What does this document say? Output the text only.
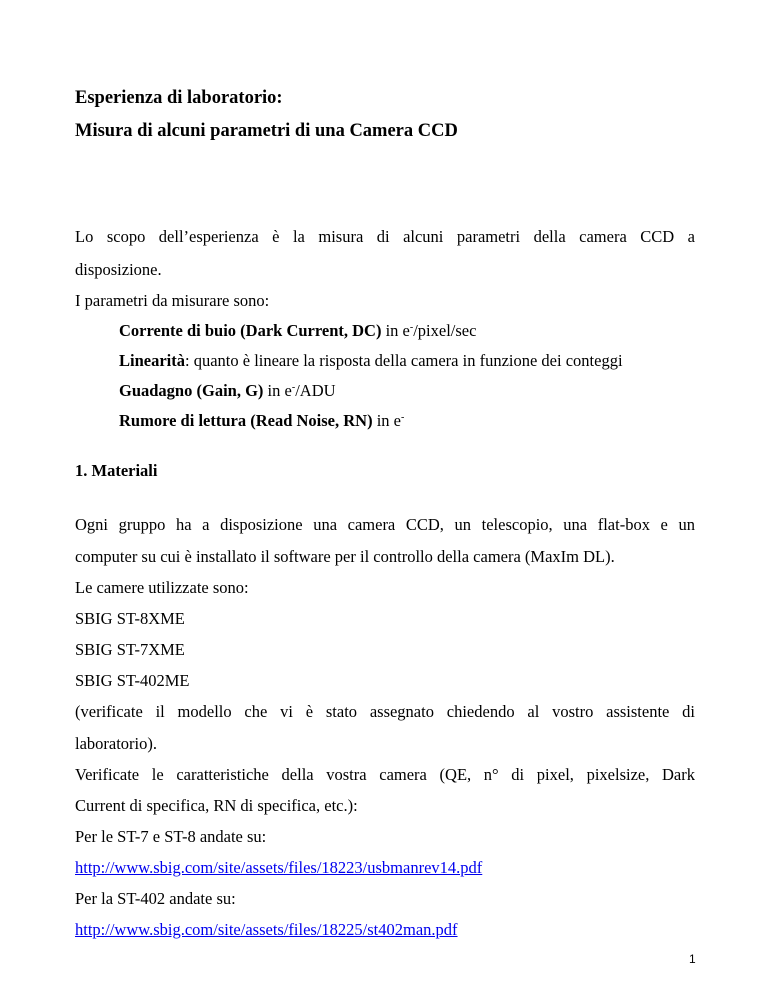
Esperienza di laboratorio:
Misura di alcuni parametri di una Camera CCD
Lo scopo dell’esperienza è la misura di alcuni parametri della camera CCD a
disposizione.
I parametri da misurare sono:
Corrente di buio (Dark Current, DC) in e-/pixel/sec
Linearità: quanto è lineare la risposta della camera in funzione dei conteggi
Guadagno (Gain, G) in e-/ADU
Rumore di lettura (Read Noise, RN) in e-
1. Materiali
Ogni gruppo ha a disposizione una camera CCD, un telescopio, una flat-box e un
computer su cui è installato il software per il controllo della camera (MaxIm DL).
Le camere utilizzate sono:
SBIG ST-8XME
SBIG ST-7XME
SBIG ST-402ME
(verificate il modello che vi è stato assegnato chiedendo al vostro assistente di
laboratorio).
Verificate le caratteristiche della vostra camera (QE, n° di pixel, pixelsize, Dark
Current di specifica, RN di specifica, etc.):
Per le ST-7 e ST-8 andate su:
http://www.sbig.com/site/assets/files/18223/usbmanrev14.pdf
Per la ST-402 andate su:
http://www.sbig.com/site/assets/files/18225/st402man.pdf
1
